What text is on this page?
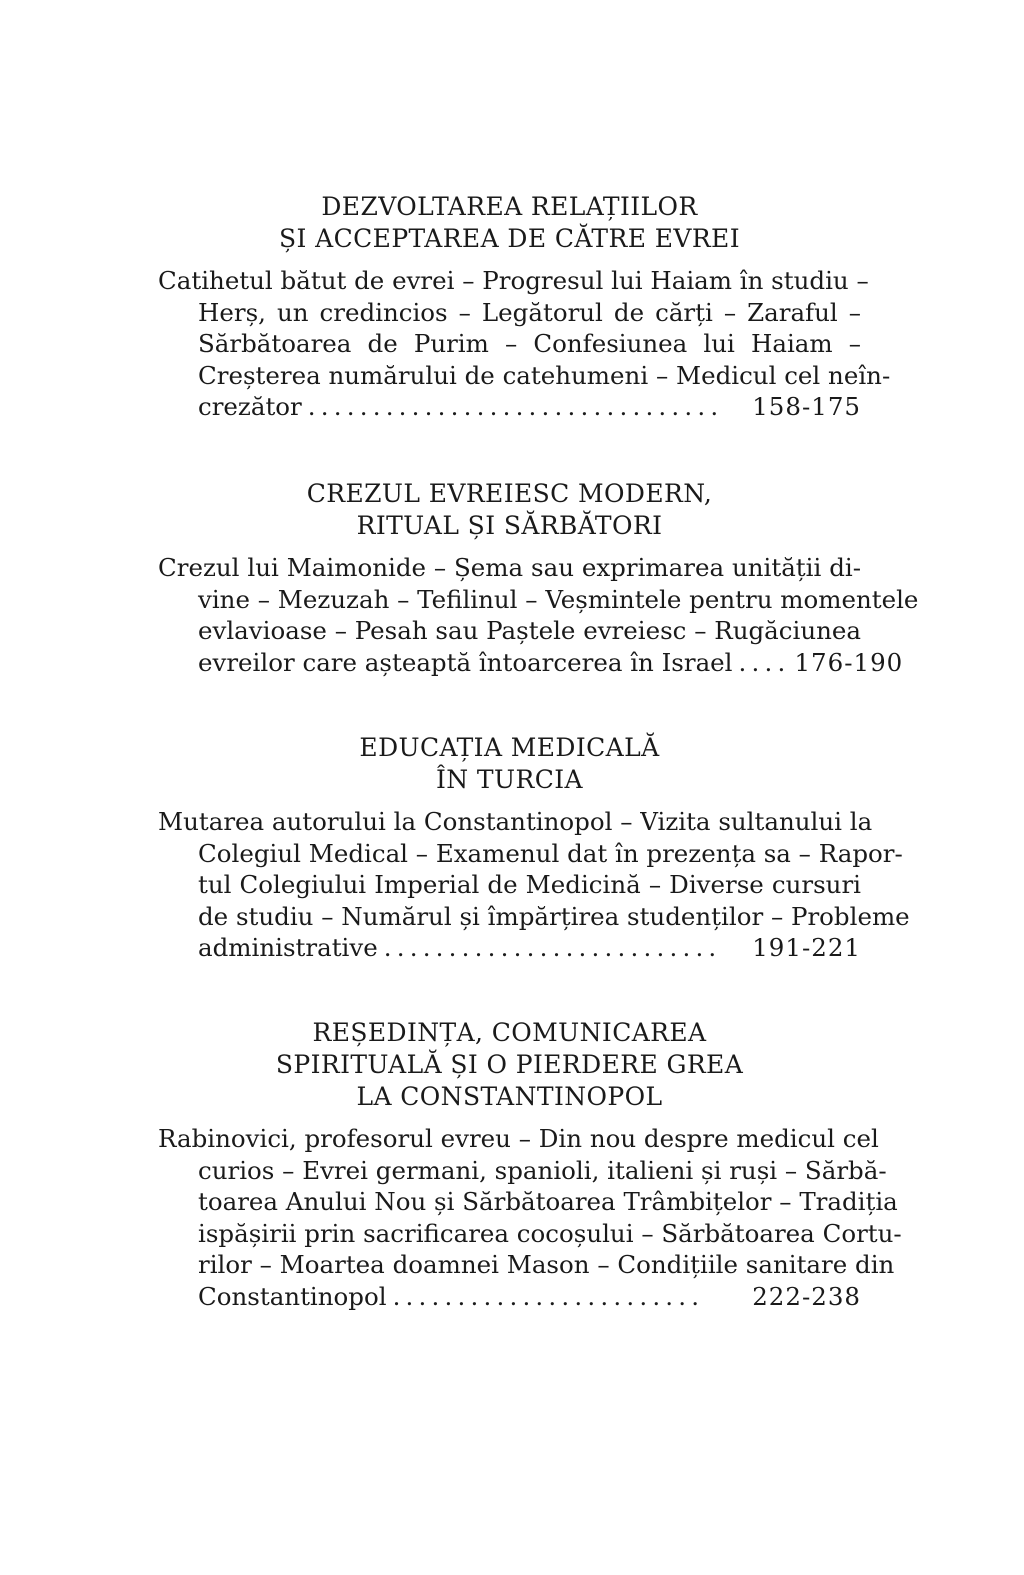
DEZVOLTAREA RELAȚIILOR
ȘI ACCEPTAREA DE CĂTRE EVREI
Catihetul bătut de evrei – Progresul lui Haiam în studiu –
Herș, un credincios – Legătorul de cărți – Zaraful –
Sărbătoarea de Purim – Confesiunea lui Haiam –
Creșterea numărului de catehumeni – Medicul cel neîn-
crezător ................................	158-175
CREZUL EVREIESC MODERN,
RITUAL ȘI SĂRBĂTORI
Crezul lui Maimonide – Șema sau exprimarea unității di-
vine – Mezuzah – Tefilinul – Veșmintele pentru momentele
evlavioase – Pesah sau Paștele evreiesc – Rugăciunea
evreilor care așteaptă întoarcerea în Israel .... 176-190
EDUCAȚIA MEDICALĂ
ÎN TURCIA
Mutarea autorului la Constantinopol – Vizita sultanului la
Colegiul Medical – Examenul dat în prezența sa – Rapor-
tul Colegiului Imperial de Medicină – Diverse cursuri
de studiu – Numărul și împărțirea studenților – Probleme
administrative ..........................	191-221
REȘEDINȚA, COMUNICAREA
SPIRITUALĂ ȘI O PIERDERE GREA
LA CONSTANTINOPOL
Rabinovici, profesorul evreu – Din nou despre medicul cel
curios – Evrei germani, spanioli, italieni și ruși – Sărbă-
toarea Anului Nou și Sărbătoarea Trâmbițelor – Tradiția
ispășirii prin sacrificarea cocoșului – Sărbătoarea Cortu-
rilor – Moartea doamnei Mason – Condițiile sanitare din
Constantinopol ........................	222-238
